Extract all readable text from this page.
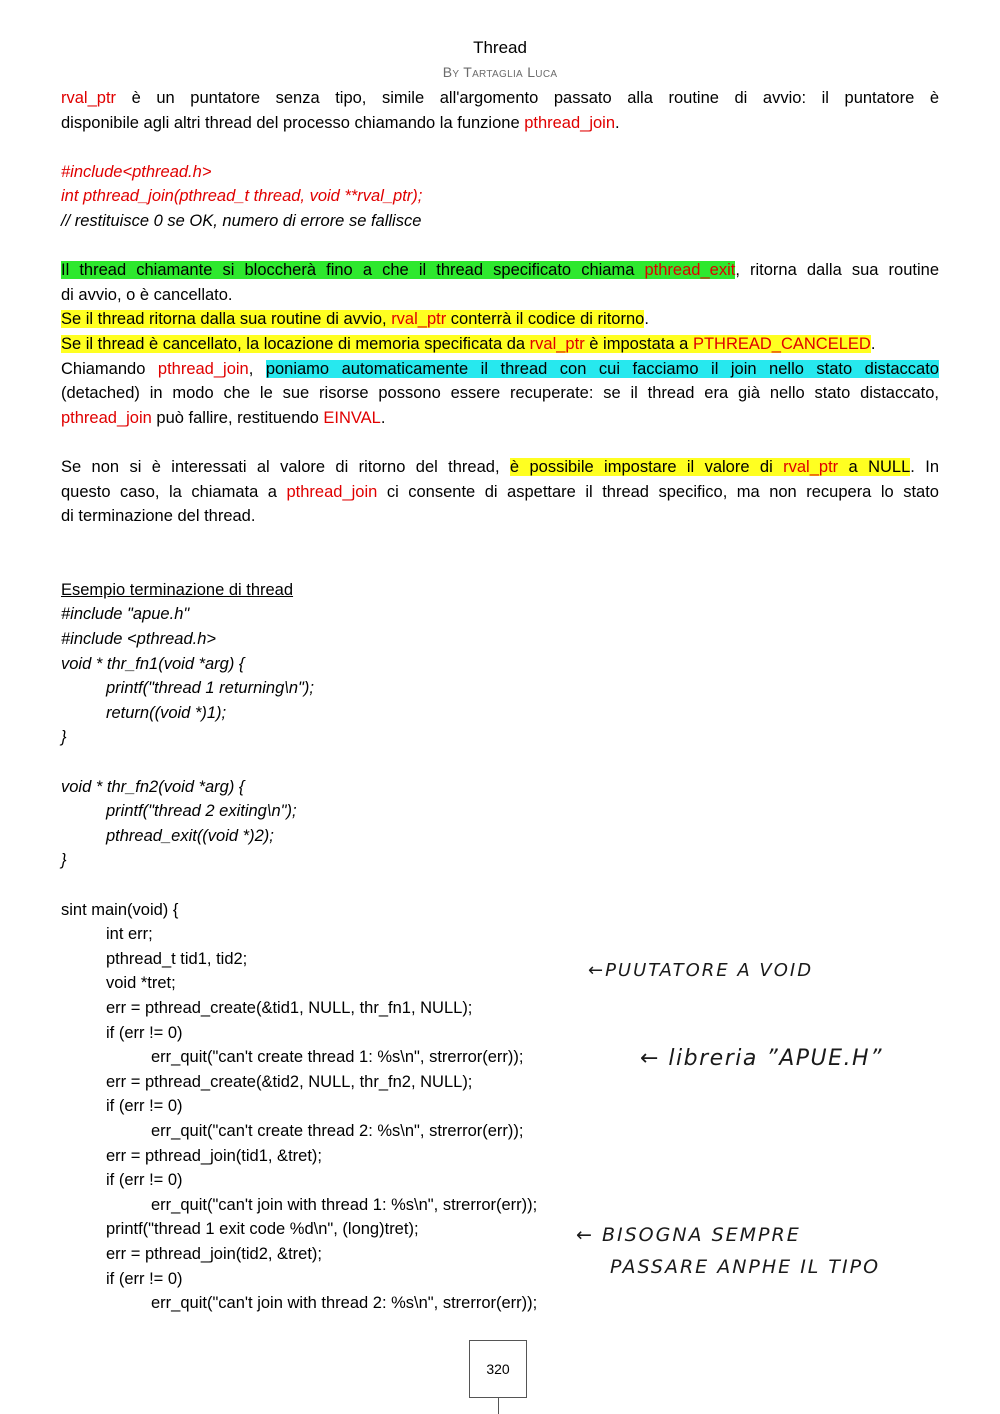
Thread
By Tartaglia Luca
rval_ptr è un puntatore senza tipo, simile all'argomento passato alla routine di avvio: il puntatore è
disponibile agli altri thread del processo chiamando la funzione pthread_join.
#include<pthread.h>
int pthread_join(pthread_t thread, void **rval_ptr);
// restituisce 0 se OK, numero di errore se fallisce
Il thread chiamante si bloccherà fino a che il thread specificato chiama pthread_exit, ritorna dalla sua routine
di avvio, o è cancellato.
Se il thread ritorna dalla sua routine di avvio, rval_ptr conterrà il codice di ritorno.
Se il thread è cancellato, la locazione di memoria specificata da rval_ptr è impostata a PTHREAD_CANCELED.
Chiamando pthread_join, poniamo automaticamente il thread con cui facciamo il join nello stato distaccato
(detached) in modo che le sue risorse possono essere recuperate: se il thread era già nello stato distaccato,
pthread_join può fallire, restituendo EINVAL.
Se non si è interessati al valore di ritorno del thread, è possibile impostare il valore di rval_ptr a NULL. In
questo caso, la chiamata a pthread_join ci consente di aspettare il thread specifico, ma non recupera lo stato
di terminazione del thread.
Esempio terminazione di thread
#include "apue.h"
#include <pthread.h>
void * thr_fn1(void *arg) {
printf("thread 1 returning\n");
return((void *)1);
}
void * thr_fn2(void *arg) {
printf("thread 2 exiting\n");
pthread_exit((void *)2);
}
sint main(void) {
int err;
pthread_t tid1, tid2;
void *tret;
err = pthread_create(&tid1, NULL, thr_fn1, NULL);
if (err != 0)
err_quit("can't create thread 1: %s\n", strerror(err));
err = pthread_create(&tid2, NULL, thr_fn2, NULL);
if (err != 0)
err_quit("can't create thread 2: %s\n", strerror(err));
err = pthread_join(tid1, &tret);
if (err != 0)
err_quit("can't join with thread 1: %s\n", strerror(err));
printf("thread 1 exit code %d\n", (long)tret);
err = pthread_join(tid2, &tret);
if (err != 0)
err_quit("can't join with thread 2: %s\n", strerror(err));
←PUUTATORE A VOID
← libreria ”APUE.H”
← BISOGNA SEMPRE
PASSARE ANPHE IL TIPO
320
